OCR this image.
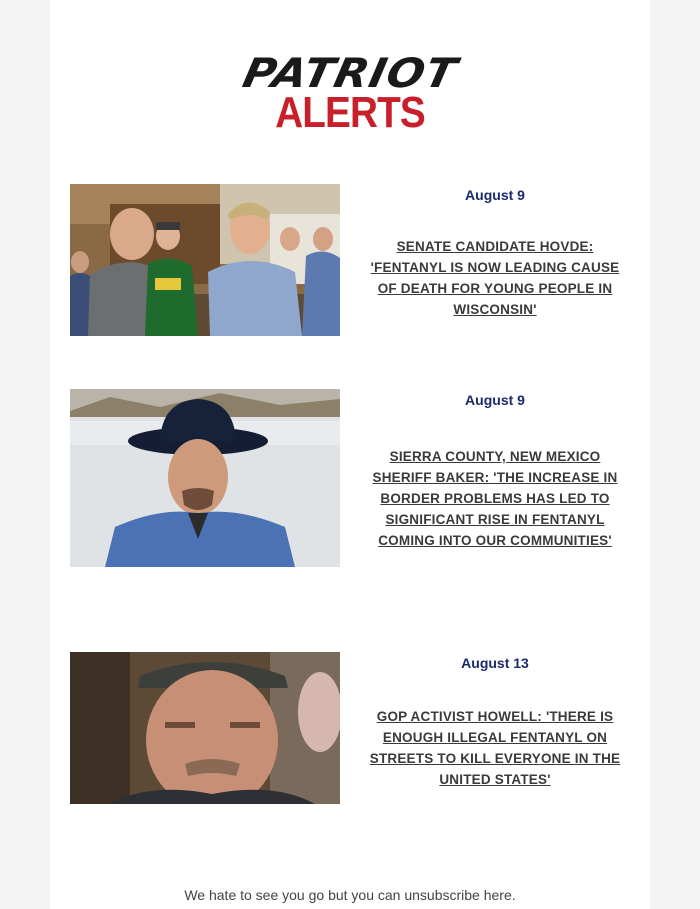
PATRIOT
ALERTS

August 9

SENATE CANDIDATE HOVDE: 'FENTANYL IS NOW LEADING CAUSE OF DEATH FOR YOUNG PEOPLE IN WISCONSIN'

August 9

SIERRA COUNTY, NEW MEXICO SHERIFF BAKER: 'THE INCREASE IN BORDER PROBLEMS HAS LED TO SIGNIFICANT RISE IN FENTANYL COMING INTO OUR COMMUNITIES'

August 13

GOP ACTIVIST HOWELL: 'THERE IS ENOUGH ILLEGAL FENTANYL ON STREETS TO KILL EVERYONE IN THE UNITED STATES'
We hate to see you go but you can unsubscribe here.
